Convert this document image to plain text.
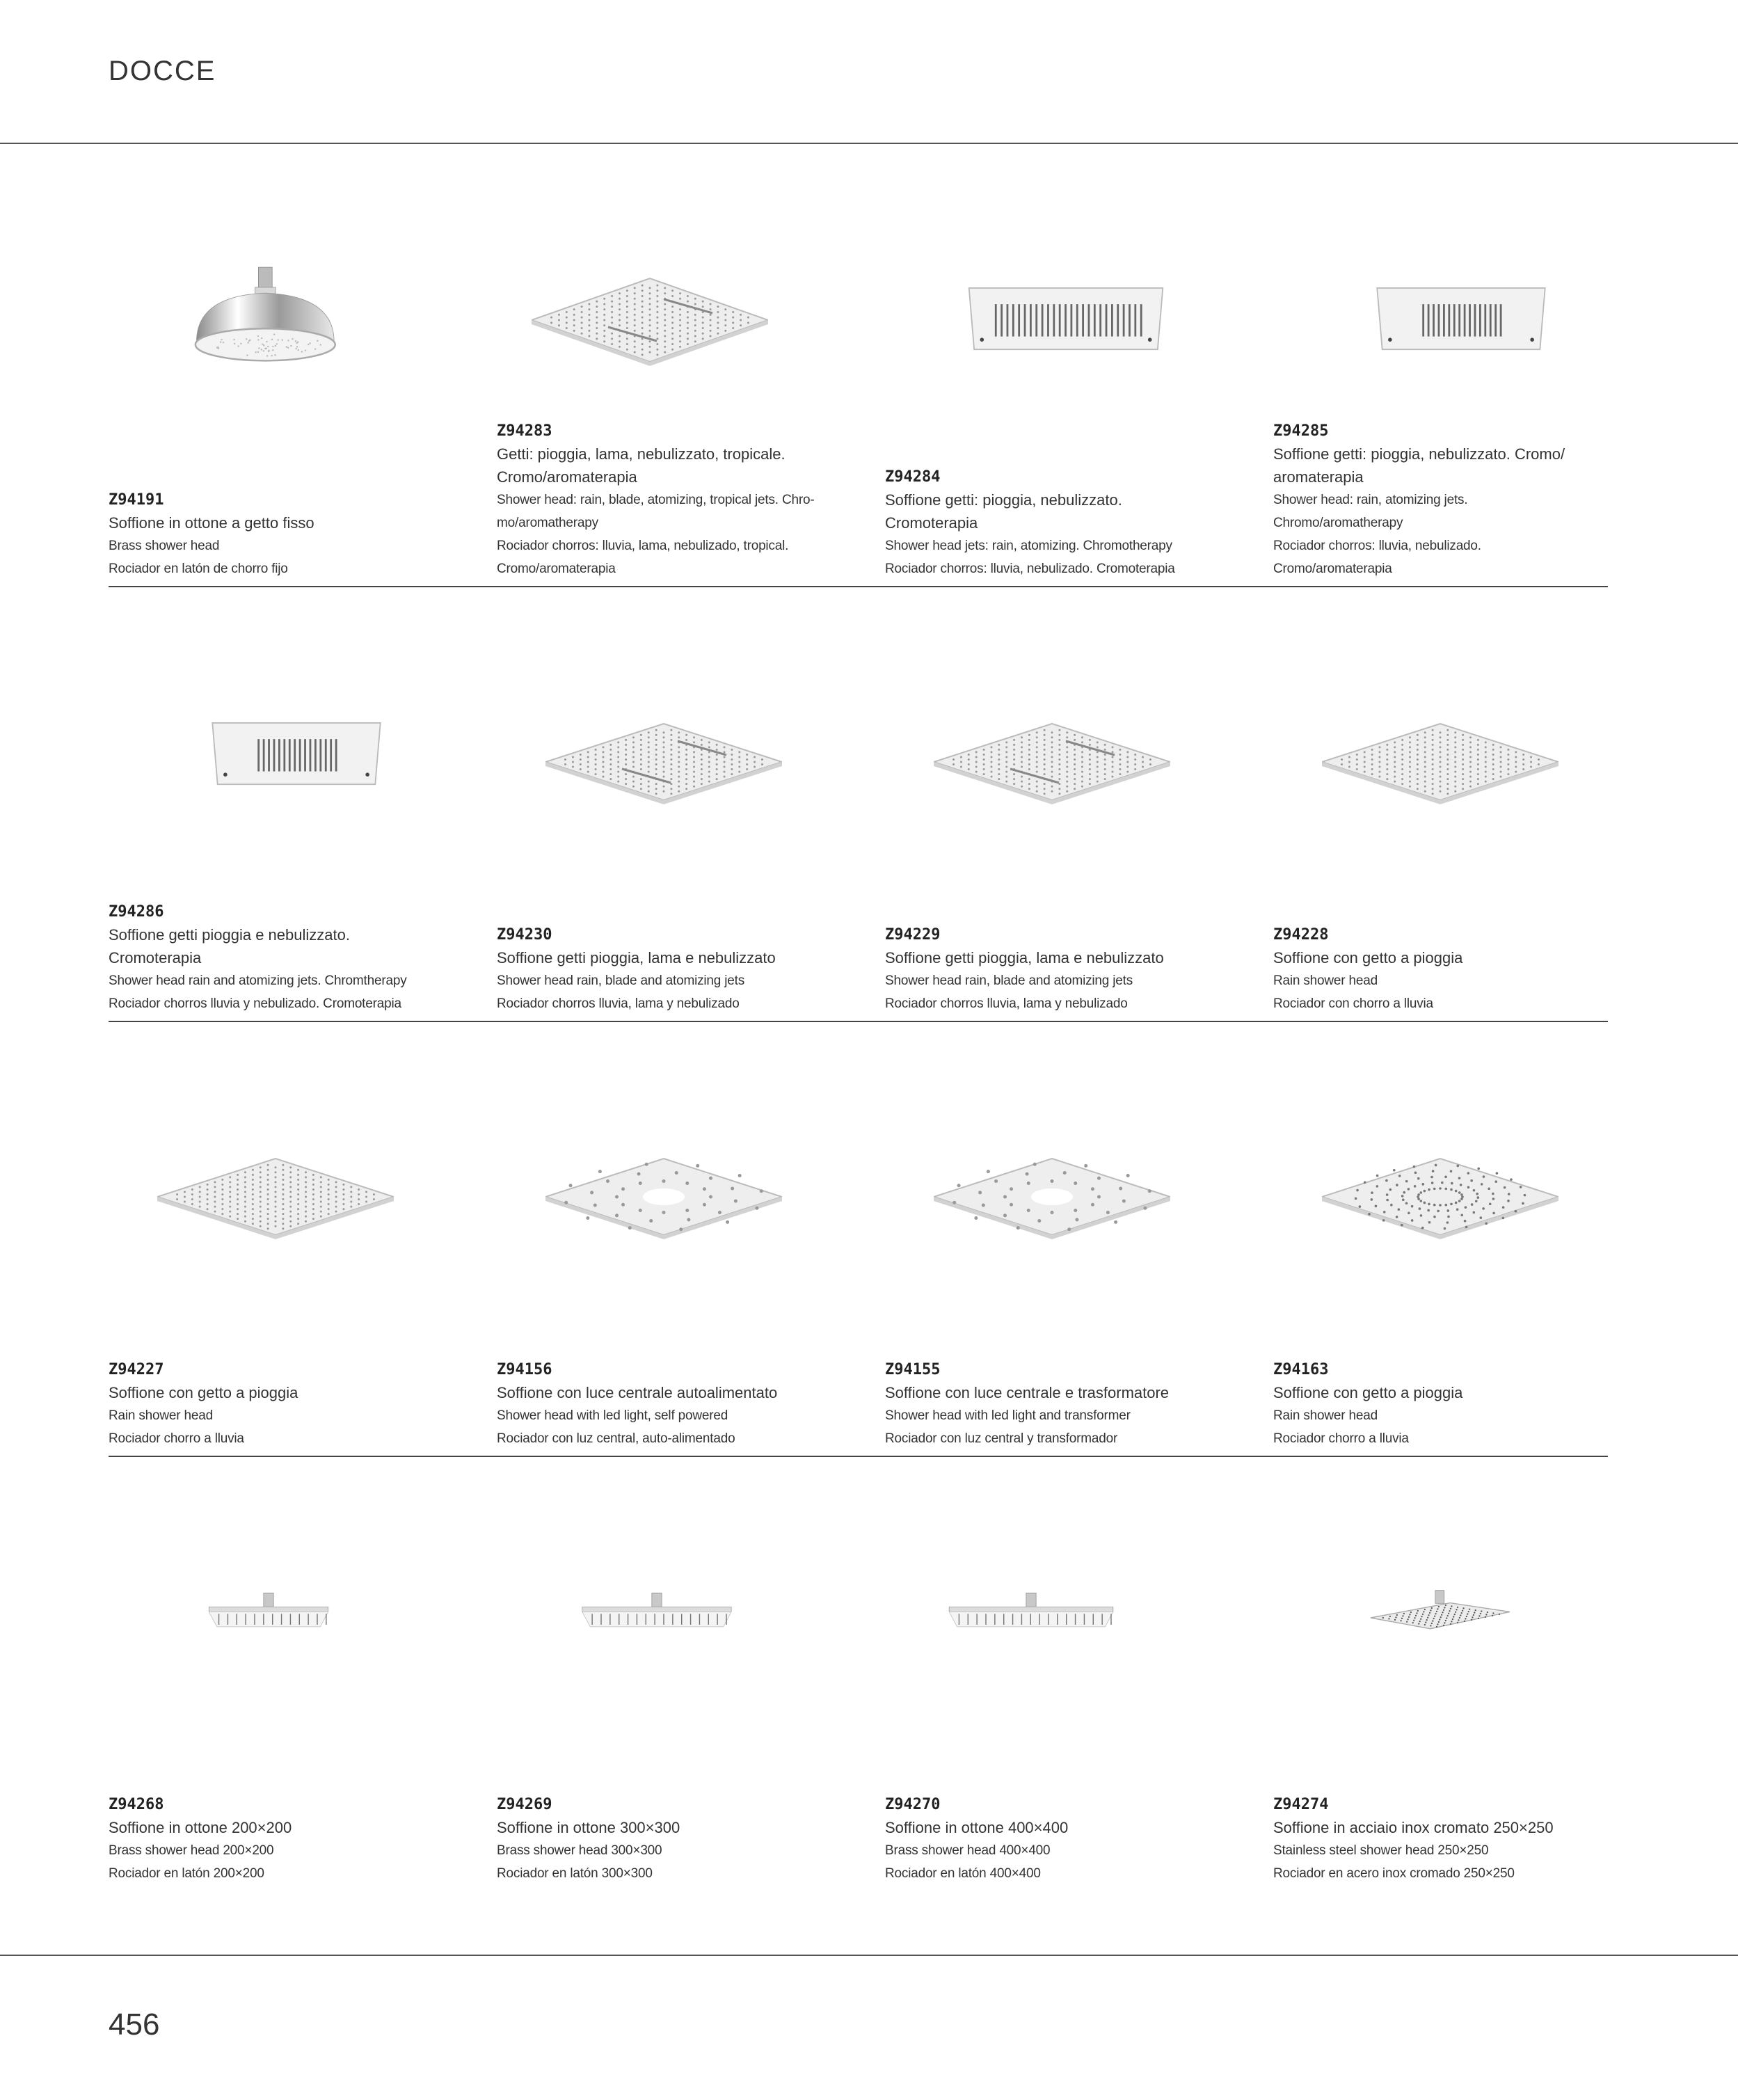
DOCCE
Z94191
Soffione in ottone a getto fisso
Brass shower head
Rociador en latón de chorro fijo
Z94283
Getti: pioggia, lama, nebulizzato, tropicale.
Cromo/aromaterapia
Shower head: rain, blade, atomizing, tropical jets. Chro-
mo/aromatherapy
Rociador chorros: lluvia, lama, nebulizado, tropical.
Cromo/aromaterapia
Z94284
Soffione getti: pioggia, nebulizzato. Cromoterapia
Shower head jets: rain, atomizing. Chromotherapy
Rociador chorros: lluvia, nebulizado. Cromoterapia
Z94285
Soffione getti: pioggia, nebulizzato. Cromo/
aromaterapia
Shower head: rain, atomizing jets. Chromo/aromatherapy
Rociador chorros: lluvia, nebulizado. Cromo/aromaterapia
Z94286
Soffione getti pioggia e nebulizzato. Cromoterapia
Shower head rain and atomizing jets. Chromtherapy
Rociador chorros lluvia y nebulizado. Cromoterapia
Z94230
Soffione getti pioggia, lama e nebulizzato
Shower head rain, blade and atomizing jets
Rociador chorros lluvia, lama y nebulizado
Z94229
Soffione getti pioggia, lama e nebulizzato
Shower head rain, blade and atomizing jets
Rociador chorros lluvia, lama y nebulizado
Z94228
Soffione con getto a pioggia
Rain shower head
Rociador con chorro a lluvia
Z94227
Soffione con getto a pioggia
Rain shower head
Rociador chorro a lluvia
Z94156
Soffione con luce centrale autoalimentato
Shower head with led light, self powered
Rociador con luz central, auto-alimentado
Z94155
Soffione con luce centrale e trasformatore
Shower head with led light and transformer
Rociador con luz central y transformador
Z94163
Soffione con getto a pioggia
Rain shower head
Rociador chorro a lluvia
Z94268
Soffione in ottone 200×200
Brass shower head 200×200
Rociador en latón 200×200
Z94269
Soffione in ottone 300×300
Brass shower head 300×300
Rociador en latón 300×300
Z94270
Soffione in ottone 400×400
Brass shower head 400×400
Rociador en latón 400×400
Z94274
Soffione in acciaio inox cromato 250×250
Stainless steel shower head 250×250
Rociador en acero inox cromado 250×250
456
